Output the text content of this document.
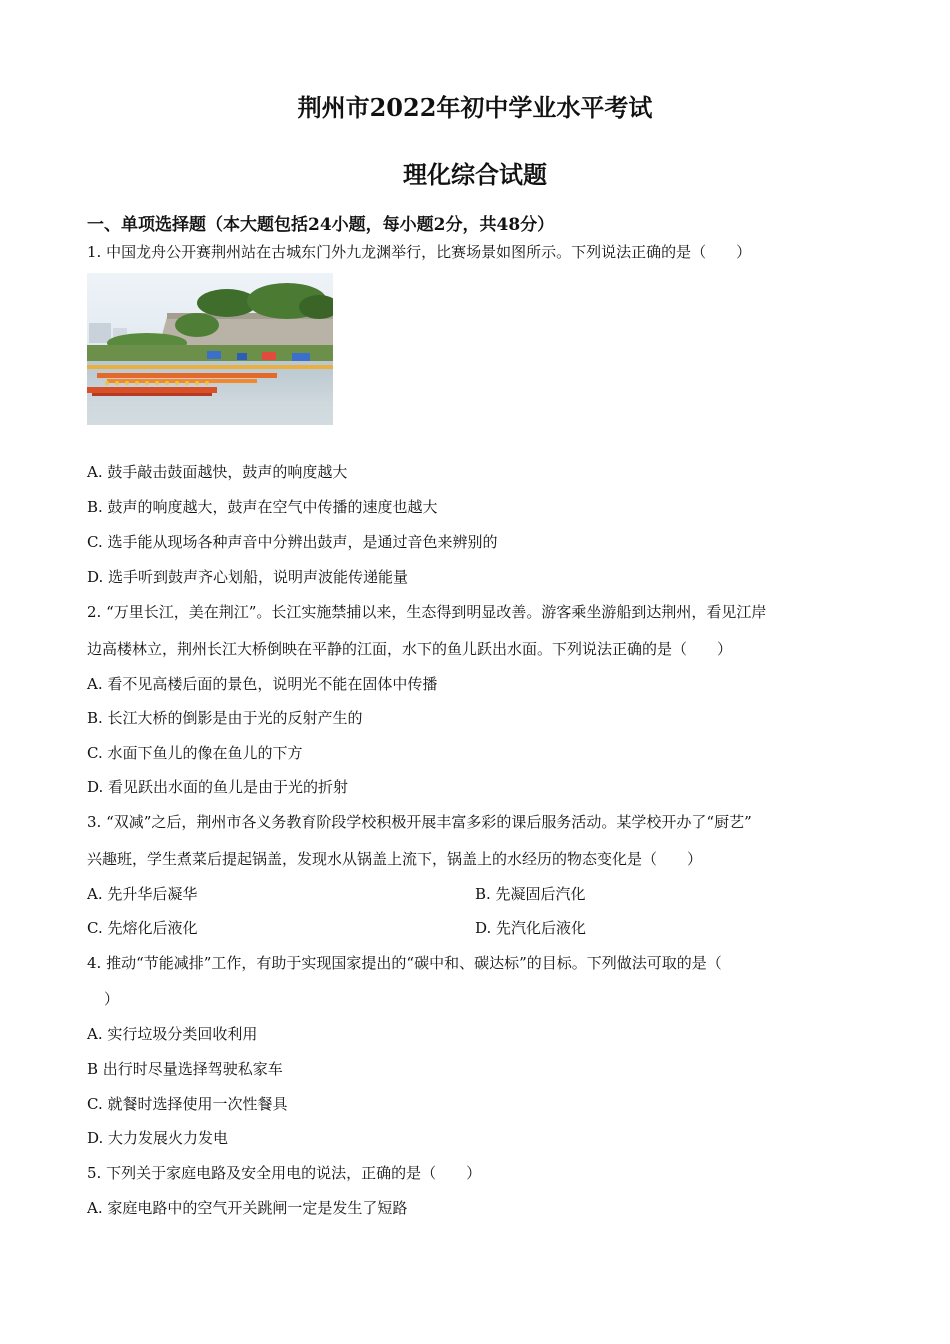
荆州市2022年初中学业水平考试
理化综合试题
一、单项选择题（本大题包括24小题，每小题2分，共48分）
1. 中国龙舟公开赛荆州站在古城东门外九龙渊举行，比赛场景如图所示。下列说法正确的是（　　）
A. 鼓手敲击鼓面越快，鼓声的响度越大
B. 鼓声的响度越大，鼓声在空气中传播的速度也越大
C. 选手能从现场各种声音中分辨出鼓声，是通过音色来辨别的
D. 选手听到鼓声齐心划船，说明声波能传递能量
2. “万里长江，美在荆江”。长江实施禁捕以来，生态得到明显改善。游客乘坐游船到达荆州，看见江岸
边高楼林立，荆州长江大桥倒映在平静的江面，水下的鱼儿跃出水面。下列说法正确的是（　　）
A. 看不见高楼后面的景色，说明光不能在固体中传播
B. 长江大桥的倒影是由于光的反射产生的
C. 水面下鱼儿的像在鱼儿的下方
D. 看见跃出水面的鱼儿是由于光的折射
3. “双减”之后，荆州市各义务教育阶段学校积极开展丰富多彩的课后服务活动。某学校开办了“厨艺”
兴趣班，学生煮菜后提起锅盖，发现水从锅盖上流下，锅盖上的水经历的物态变化是（　　）
A. 先升华后凝华	B. 先凝固后汽化
C. 先熔化后液化	D. 先汽化后液化
4. 推动“节能减排”工作，有助于实现国家提出的“碳中和、碳达标”的目标。下列做法可取的是（
）
A. 实行垃圾分类回收利用
B 出行时尽量选择驾驶私家车
C. 就餐时选择使用一次性餐具
D. 大力发展火力发电
5. 下列关于家庭电路及安全用电的说法，正确的是（　　）
A. 家庭电路中的空气开关跳闸一定是发生了短路
